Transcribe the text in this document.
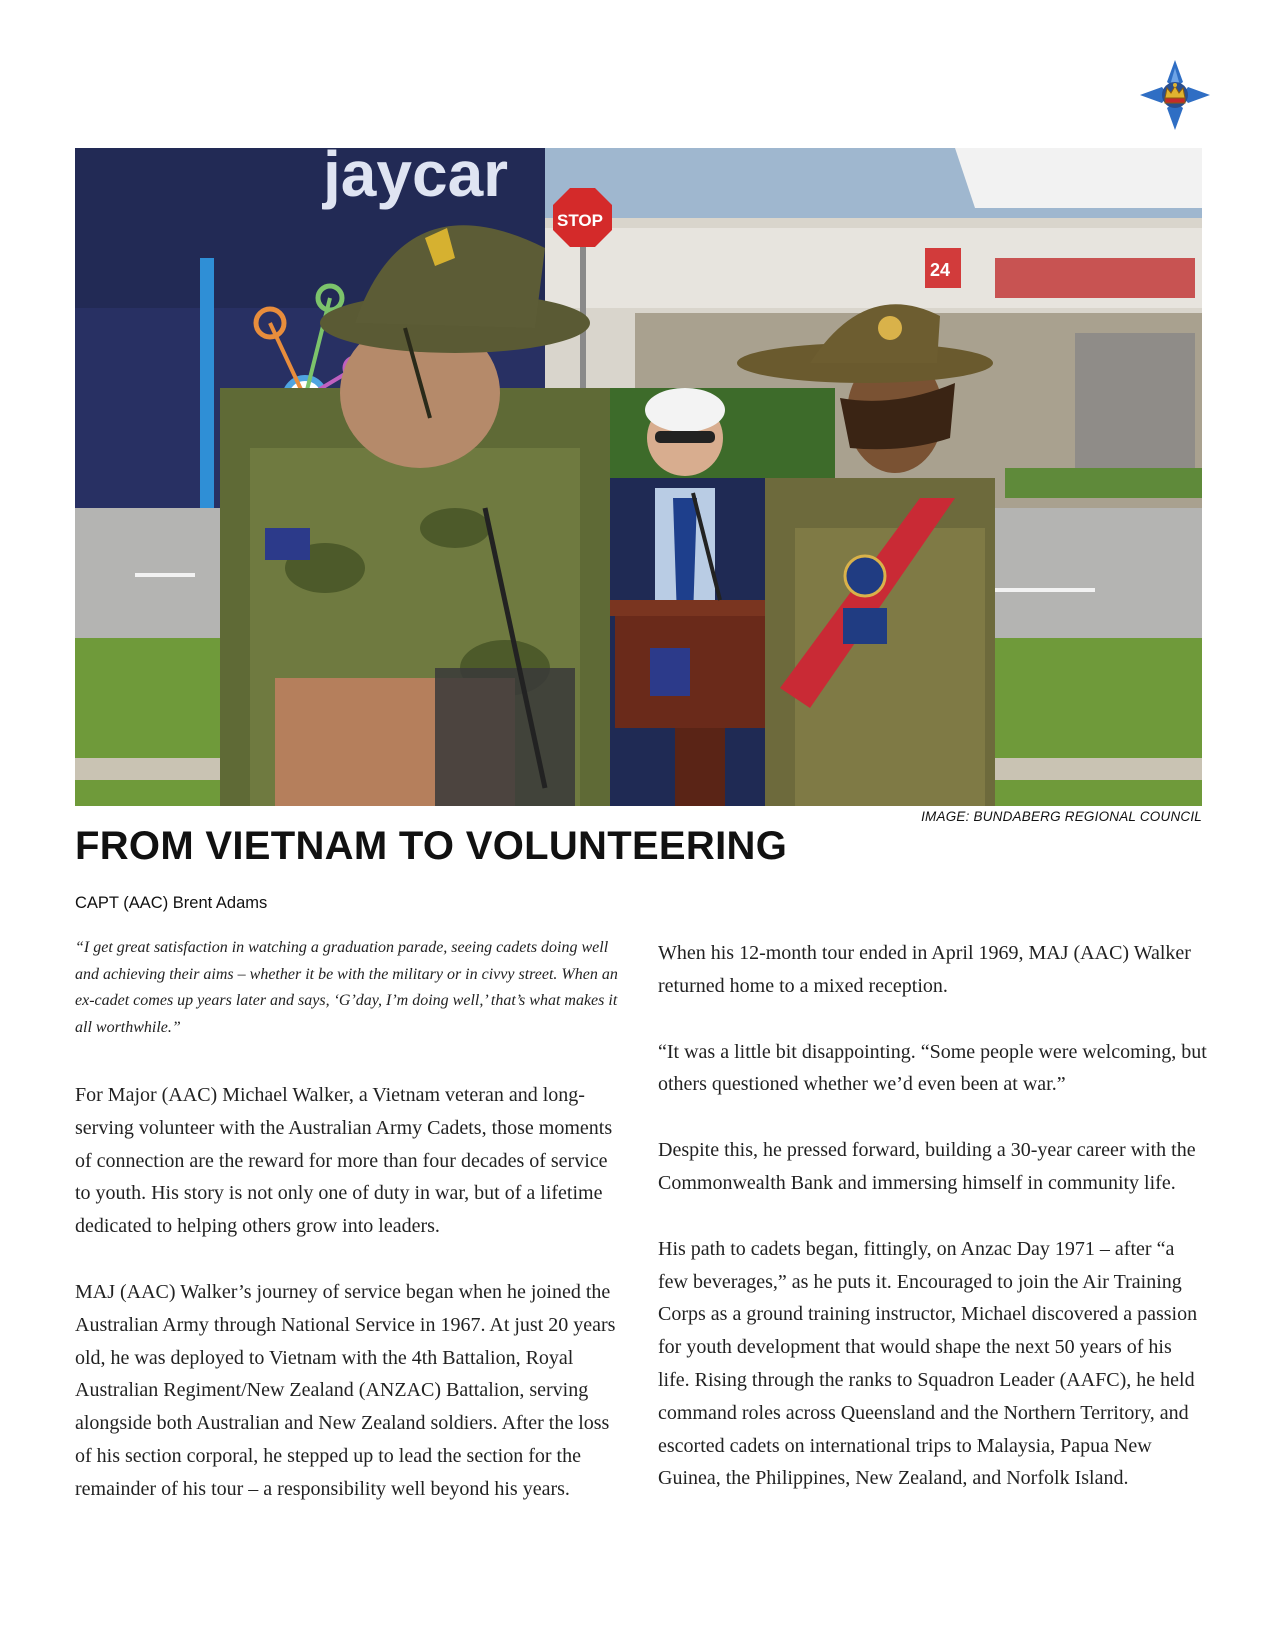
jaycar
24
STOP
IMAGE: BUNDABERG REGIONAL COUNCIL
FROM VIETNAM TO VOLUNTEERING
CAPT (AAC) Brent Adams

“I get great satisfaction in watching a graduation parade, seeing cadets doing well and achieving their aims – whether it be with the military or in civvy street. When an ex-cadet comes up years later and says, ‘G’day, I’m doing well,’ that’s what makes it all worthwhile.”

For Major (AAC) Michael Walker, a Vietnam veteran and long-serving volunteer with the Australian Army Cadets, those moments of connection are the reward for more than four decades of service to youth. His story is not only one of duty in war, but of a lifetime dedicated to helping others grow into leaders.

MAJ (AAC) Walker’s journey of service began when he joined the Australian Army through National Service in 1967. At just 20 years old, he was deployed to Vietnam with the 4th Battalion, Royal Australian Regiment/New Zealand (ANZAC) Battalion, serving alongside both Australian and New Zealand soldiers. After the loss of his section corporal, he stepped up to lead the section for the remainder of his tour – a responsibility well beyond his years.

When his 12-month tour ended in April 1969, MAJ (AAC) Walker returned home to a mixed reception.

“It was a little bit disappointing. “Some people were welcoming, but others questioned whether we’d even been at war.”

Despite this, he pressed forward, building a 30-year career with the Commonwealth Bank and immersing himself in community life.

His path to cadets began, fittingly, on Anzac Day 1971 – after “a few beverages,” as he puts it. Encouraged to join the Air Training Corps as a ground training instructor, Michael discovered a passion for youth development that would shape the next 50 years of his life. Rising through the ranks to Squadron Leader (AAFC), he held command roles across Queensland and the Northern Territory, and escorted cadets on international trips to Malaysia, Papua New Guinea, the Philippines, New Zealand, and Norfolk Island.
